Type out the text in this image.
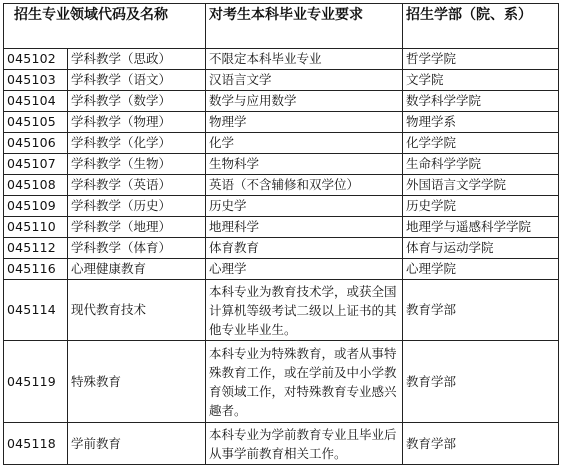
招生专业领域代码及名称		对考生本科毕业专业要求	招生学部（院、系）
045102	学科教学（思政）	不限定本科毕业专业	哲学学院
045103	学科教学（语文）	汉语言文学	文学院
045104	学科教学（数学）	数学与应用数学	数学科学学院
045105	学科教学（物理）	物理学	物理学系
045106	学科教学（化学）	化学	化学学院
045107	学科教学（生物）	生物科学	生命科学学院
045108	学科教学（英语）	英语（不含辅修和双学位）	外国语言文学学院
045109	学科教学（历史）	历史学	历史学院
045110	学科教学（地理）	地理科学	地理学与遥感科学学院
045112	学科教学（体育）	体育教育	体育与运动学院
045116	心理健康教育	心理学	心理学院
045114	现代教育技术	本科专业为教育技术学，或获全国计算机等级考试二级以上证书的其他专业毕业生。	教育学部
045119	特殊教育	本科专业为特殊教育，或者从事特殊教育工作，或在学前及中小学教育领域工作，对特殊教育专业感兴趣者。	教育学部
045118	学前教育	本科专业为学前教育专业且毕业后从事学前教育相关工作。	教育学部
